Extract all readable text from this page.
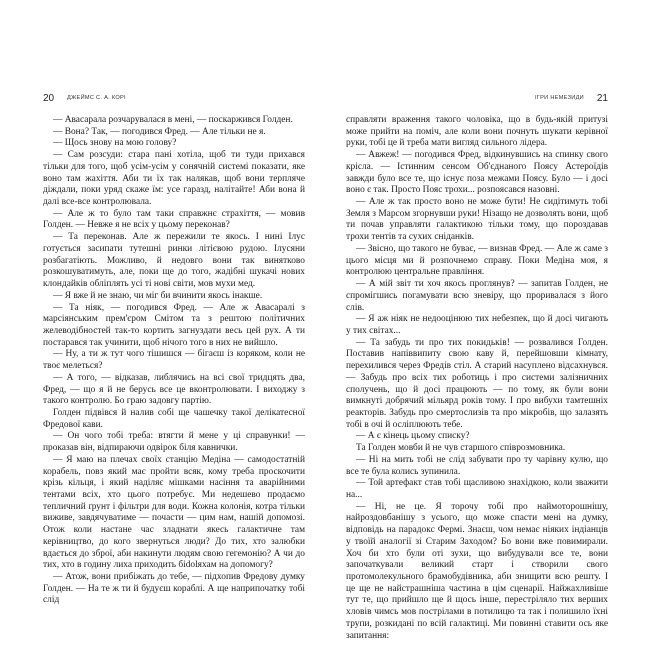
20 ДЖЕЙМС С. А. КОРІ

— Авасарала розчарувалася в мені, — поскаржився Голден.

— Вона? Так, — погодився Фред. — Але тільки не я.

— Щось знову на мою голову?

— Сам розсуди: стара пані хотіла, щоб ти туди прихався тільки для того, щоб усім-усім у сонячній системі показати, яке воно там жахіття. Аби ти їх так налякав, щоб вони терпляче діждали, поки уряд скаже їм: усе гаразд, налітайте! Аби вона й далі все-все контролювала.

— Але ж то було там таки справжнє страхіття, — мовив Голден. — Невже я не всіх у цьому переконав?

— Та переконав. Але ж пережили те якось. І нині Ілус готується засипати тутешні ринки літієвою рудою. Ілусяни розбагатіють. Можливо, й недовго вони так винятково розкошуватимуть, але, поки ще до того, жадібні шукачі нових клондайків обліплять усі ті нові світи, мов мухи мед.

— Я вже й не знаю, чи міг би вчинити якось інакше.

— Та ніяк, — погодився Фред. — Але ж Авасаралі з марсіянським прем'єром Смітом та з рештою політичних желеводібностей так-то кортить загнуздати весь цей рух. А ти постарався так учинити, щоб нічого того в них не вийшло.

— Ну, а ти ж тут чого тішишся — бігаєш із коряком, коли не твоє мелеться?

— А того, — відказав, либлячись на всі свої тридцять два, Фред, — що я й не берусь все це вконтролювати. І виходжу з такого контролю. Бо граю задовгу партію.

Голден підвівся й налив собі ще чашечку такої делікатесної Фредової кави.

— Он чого тобі треба: втягти й мене у ці справунки! — проказав він, відпираючи одвірок біля кавнички.

— Я маю на плечах своїх станцію Медіна — самодостатній корабель, повз який має пройти всяк, кому треба проскочити крізь кільця, і який наділяє мішками насіння та аварійними тентами всіх, хто цього потребує. Ми недешево продаємо тепличний ґрунт і фільтри для води. Кожна колонія, котра тільки виживе, завдячуватиме — почасти — цим нам, нашій допомозі. Отож коли настане час зладнати якесь галактичне там керівництво, до кого звернуться люди? До тих, хто залюбки вдається до зброї, аби накинути людям свою гегемонію? А чи до тих, хто в годину лиха приходить біdolяхам на допомогу?

— Атож, вони прибіжать до тебе, — підхопив Фредову думку Голден. — На те ж ти й будуєш кораблі. А ще наприпочатку тобі слід

ІГРИ НЕМЕЗИДИ 21

справляти враження такого чоловіка, що в будь-якій притузі може прийти на поміч, але коли вони почнуть шукати керівної руки, тобі це й треба мати вигляд сильного лідера.

— Авжеж! — погодився Фред, відкинувшись на спинку свого крісла. — Істинним сенсом Об'єднаного Поясу Астероїдів завжди було все те, що існує поза межами Поясу. Було — і досі воно є так. Просто Пояс трохи... розпоясався назовні.

— Але ж так просто воно не може бути! Не сидітимуть тобі Земля з Марсом згорнувши руки! Нізащо не дозволять вони, щоб ти почав управляти галактикою тільки тому, що пороздавав трохи тентів та сухих сніданків.

— Звісно, що такого не буває, — визнав Фред. — Але ж саме з цього місця ми й розпочнемо справу. Поки Медіна моя, я контролюю центральне правління.

— А мій звіт ти хоч якось проглянув? — запитав Голден, не спромігшись погамувати всю зневіру, що проривалася з його слів.

— Я аж ніяк не недооцінюю тих небезпек, що й досі чигають у тих світах...

— Та забудь ти про тих покидьків! — розвалився Голден. Поставив напіввипиту свою каву й, перейшовши кімнату, перехилився через Фредів стіл. А старий насуплено відсахнувся. — Забудь про всіх тих роботиць і про системи залізничних сполучень, що й досі працюють — по тому, як були вони вимкнуті добрячий мільярд років тому. І про вибухи тамтешніх реакторів. Забудь про смертослизів та про мікробів, що залазять тобі в очі й осліплюють тебе.

— А є кінець цьому списку?

Та Голден мовби й не чув старшого співрозмовника.

— Ні на мить тобі не слід забувати про ту чарівну кулю, що все те була колись зупинила.

— Той артефакт став тобі щасливою знахідкою, коли зважити на...

— Ні, не це. Я торочу тобі про наймоторошнішу, найроздовбанішу з усього, що може спасти мені на думку, відповідь на парадокс Фермі. Знаєш, чом немає ніяких індіанців у твоїй аналогії зі Старим Заходом? Бо вони вже повимирали. Хоч би хто були оті зухи, що вибудували все те, вони започаткували великий старт і створили свого протомолекульного брамобудівника, аби знищити всю решту. І це ще не найстрашніша частина в цім сценарії. Найжахливіше тут те, що прийшло ще й щось інше, перестріляло тих верших хловів чимсь мов пострілами в потилицю та так і полишило їхні трупи, розкидані по всій галактиці. Ми повинні ставити ось яке запитання:
